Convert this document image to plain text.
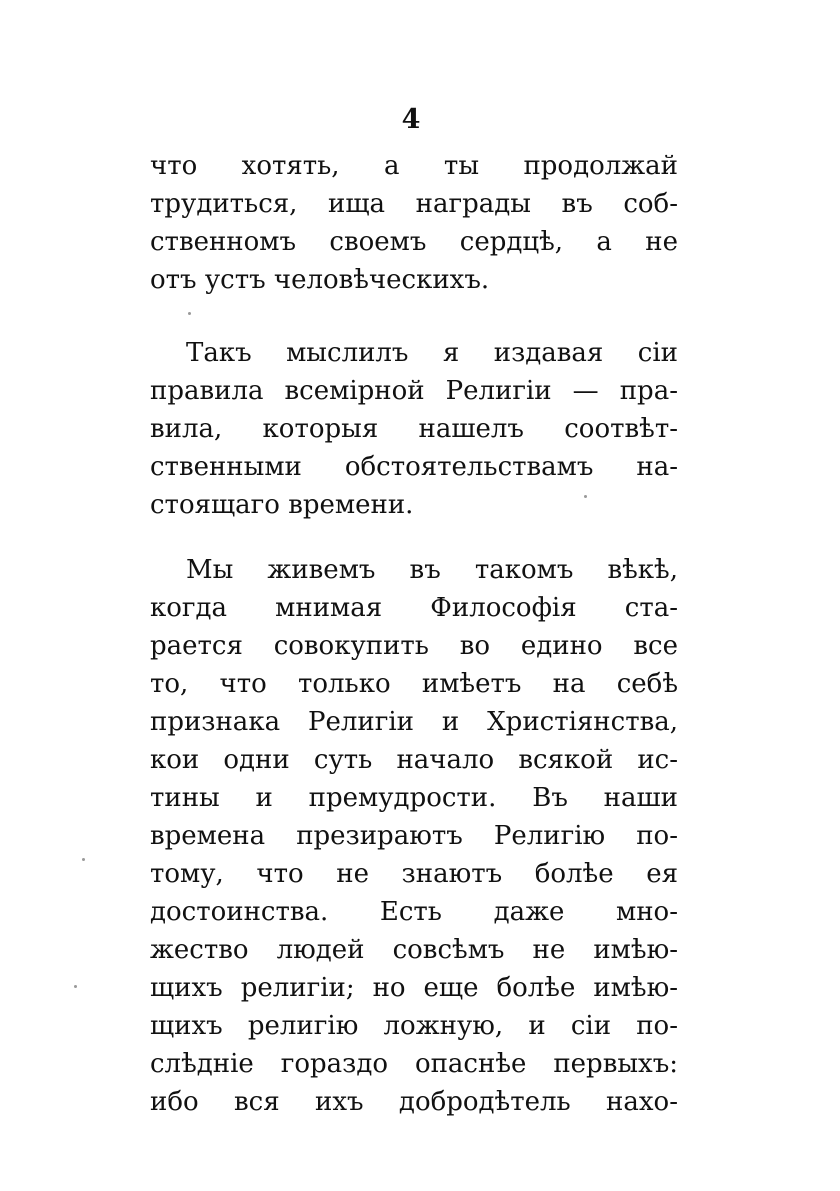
4
что хотять, а ты продолжай
трудиться, ища награды въ соб-
ственномъ своемъ сердцѣ, а не
отъ устъ человѣческихъ.
Такъ мыслилъ я издавая сіи
правила всемірной Религіи — пра-
вила, которыя нашелъ соотвѣт-
ственными обстоятельствамъ на-
стоящаго времени.
Мы живемъ въ такомъ вѣкѣ,
когда мнимая Философія ста-
рается совокупить во едино все
то, что только имѣетъ на себѣ
признака Религіи и Христіянства,
кои одни суть начало всякой ис-
тины и премудрости. Въ наши
времена презираютъ Религію по-
тому, что не знаютъ болѣе ея
достоинства. Есть даже мно-
жество людей совсѣмъ не имѣю-
щихъ религіи; но еще болѣе имѣю-
щихъ религію ложную, и сіи по-
слѣдніе гораздо опаснѣе первыхъ:
ибо вся ихъ добродѣтель нахо-
